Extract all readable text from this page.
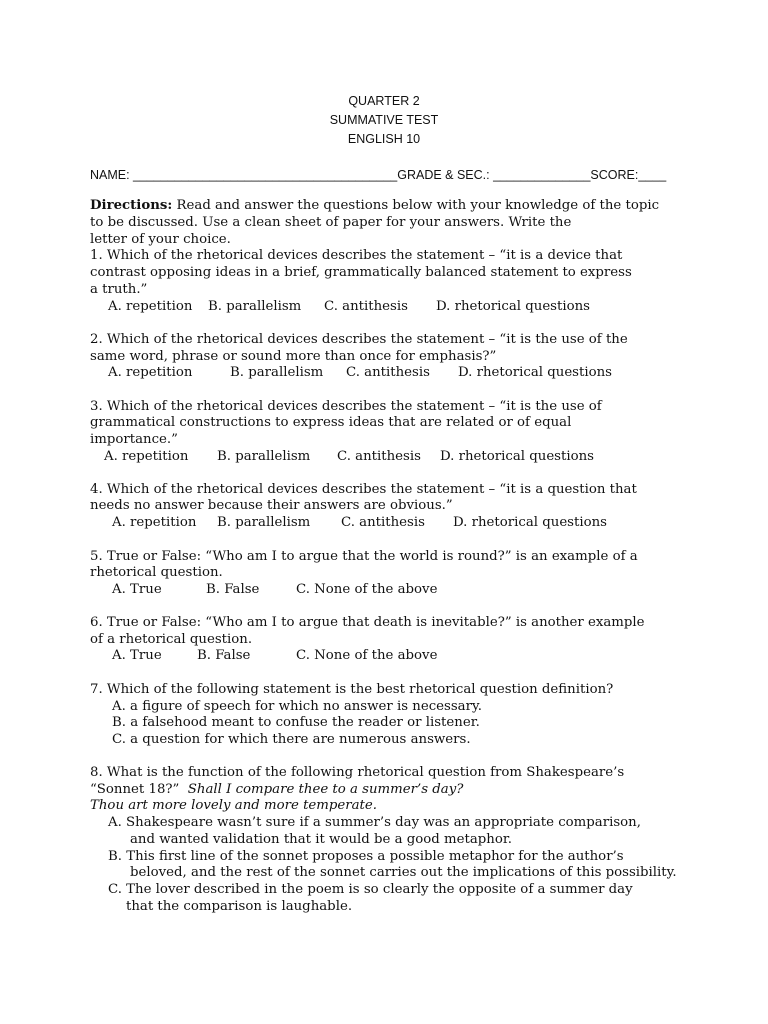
QUARTER 2
SUMMATIVE TEST
ENGLISH 10
NAME: ______________________________________GRADE & SEC.: ______________SCORE:____
Directions: Read and answer the questions below with your knowledge of the topic
to be discussed. Use a clean sheet of paper for your answers. Write the
letter of your choice.
1. Which of the rhetorical devices describes the statement – “it is a device that
contrast opposing ideas in a brief, grammatically balanced statement to express
a truth.”
A. repetition B. parallelism C. antithesis D. rhetorical questions
2. Which of the rhetorical devices describes the statement – “it is the use of the
same word, phrase or sound more than once for emphasis?”
A. repetition	B. parallelism C. antithesis D. rhetorical questions
3. Which of the rhetorical devices describes the statement – “it is the use of
grammatical constructions to express ideas that are related or of equal
importance.”
A. repetition B. parallelism C. antithesis D. rhetorical questions
4. Which of the rhetorical devices describes the statement – “it is a question that
needs no answer because their answers are obvious.”
A. repetition B. parallelism C. antithesis D. rhetorical questions
5. True or False: “Who am I to argue that the world is round?” is an example of a
rhetorical question.
A. True	B. False	C. None of the above
6. True or False: “Who am I to argue that death is inevitable?” is another example
of a rhetorical question.
A. True	B. False	C. None of the above
7. Which of the following statement is the best rhetorical question definition?
A. a figure of speech for which no answer is necessary.
B. a falsehood meant to confuse the reader or listener.
C. a question for which there are numerous answers.
8. What is the function of the following rhetorical question from Shakespeare’s
“Sonnet 18?” Shall I compare thee to a summer’s day?
Thou art more lovely and more temperate.
A. Shakespeare wasn’t sure if a summer’s day was an appropriate comparison,
and wanted validation that it would be a good metaphor.
B. This first line of the sonnet proposes a possible metaphor for the author’s
beloved, and the rest of the sonnet carries out the implications of this possibility.
C. The lover described in the poem is so clearly the opposite of a summer day
that the comparison is laughable.
